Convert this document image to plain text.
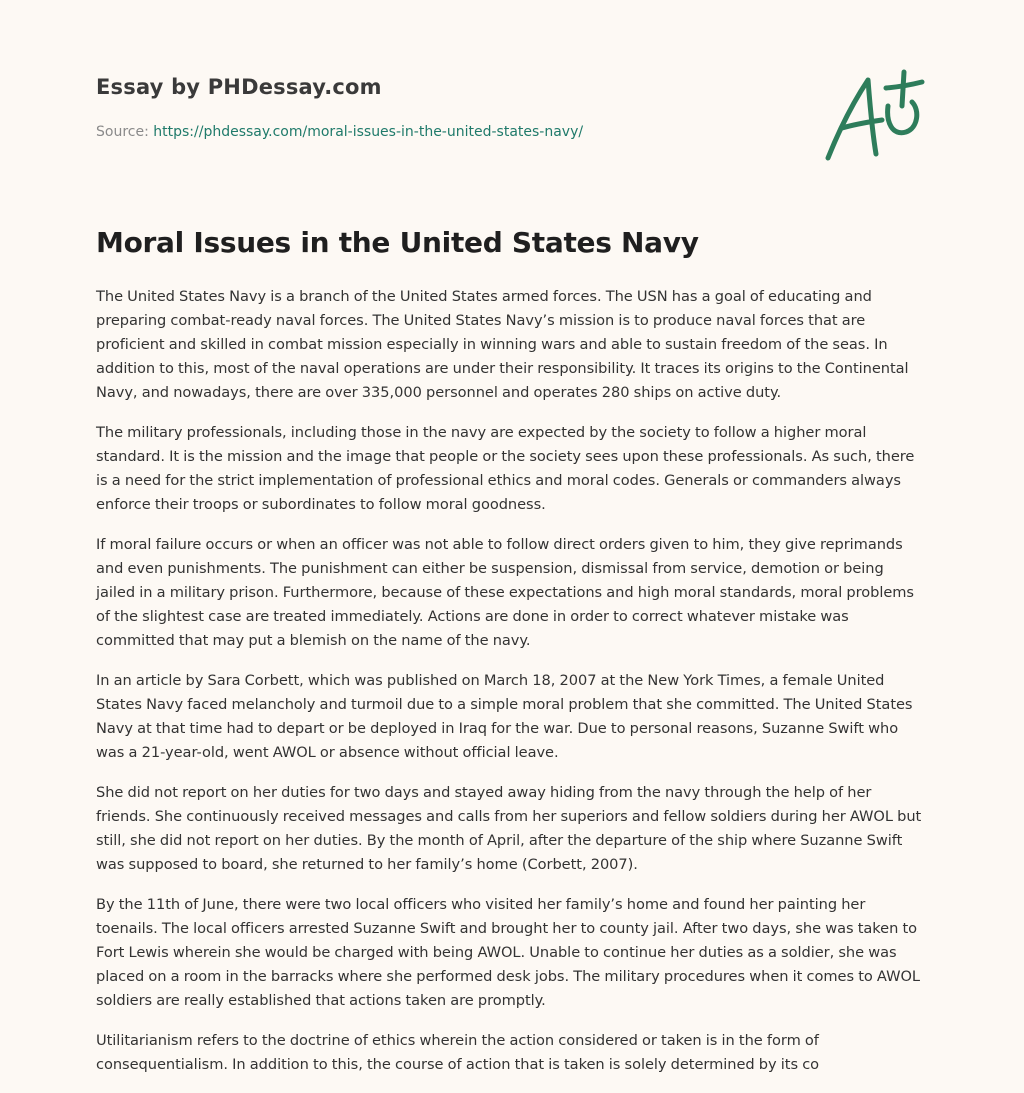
Essay by PHDessay.com
Source: https://phdessay.com/moral-issues-in-the-united-states-navy/
Moral Issues in the United States Navy

The United States Navy is a branch of the United States armed forces. The USN has a goal of educating and preparing combat-ready naval forces. The United States Navy’s mission is to produce naval forces that are proficient and skilled in combat mission especially in winning wars and able to sustain freedom of the seas. In addition to this, most of the naval operations are under their responsibility. It traces its origins to the Continental Navy, and nowadays, there are over 335,000 personnel and operates 280 ships on active duty.

The military professionals, including those in the navy are expected by the society to follow a higher moral standard. It is the mission and the image that people or the society sees upon these professionals. As such, there is a need for the strict implementation of professional ethics and moral codes. Generals or commanders always enforce their troops or subordinates to follow moral goodness.

If moral failure occurs or when an officer was not able to follow direct orders given to him, they give reprimands and even punishments. The punishment can either be suspension, dismissal from service, demotion or being jailed in a military prison. Furthermore, because of these expectations and high moral standards, moral problems of the slightest case are treated immediately. Actions are done in order to correct whatever mistake was committed that may put a blemish on the name of the navy.

In an article by Sara Corbett, which was published on March 18, 2007 at the New York Times, a female United States Navy faced melancholy and turmoil due to a simple moral problem that she committed. The United States Navy at that time had to depart or be deployed in Iraq for the war. Due to personal reasons, Suzanne Swift who was a 21-year-old, went AWOL or absence without official leave.

She did not report on her duties for two days and stayed away hiding from the navy through the help of her friends. She continuously received messages and calls from her superiors and fellow soldiers during her AWOL but still, she did not report on her duties. By the month of April, after the departure of the ship where Suzanne Swift was supposed to board, she returned to her family’s home (Corbett, 2007).

By the 11th of June, there were two local officers who visited her family’s home and found her painting her toenails. The local officers arrested Suzanne Swift and brought her to county jail. After two days, she was taken to Fort Lewis wherein she would be charged with being AWOL. Unable to continue her duties as a soldier, she was placed on a room in the barracks where she performed desk jobs. The military procedures when it comes to AWOL soldiers are really established that actions taken are promptly.

Utilitarianism refers to the doctrine of ethics wherein the action considered or taken is in the form of consequentialism. In addition to this, the course of action that is taken is solely determined by its co
